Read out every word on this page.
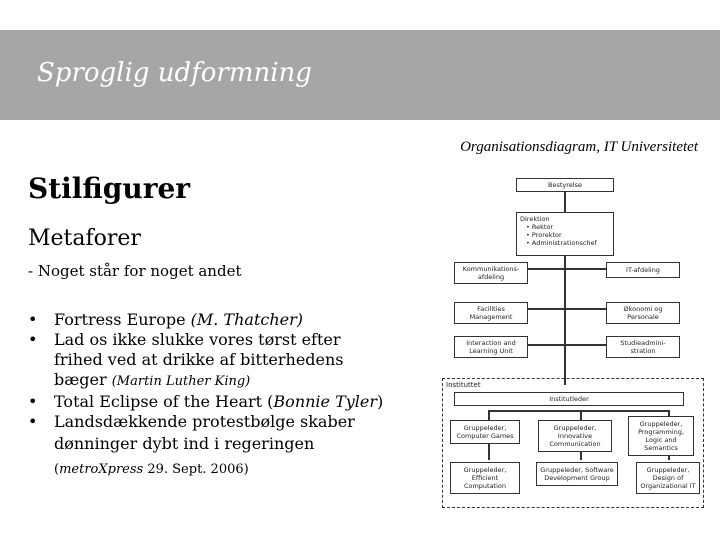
Sproglig udformning
Organisationsdiagram, IT Universitetet
Stilfigurer
Metaforer
- Noget står for noget andet
• Fortress Europe (M. Thatcher)
• Lad os ikke slukke vores tørst efter
frihed ved at drikke af bitterhedens
bæger (Martin Luther King)
• Total Eclipse of the Heart (Bonnie Tyler)
• Landsdækkende protestbølge skaber
dønninger dybt ind i regeringen
(metroXpress 29. Sept. 2006)
Bestyrelse
Direktion
• Rektor
• Prorektor
• Administrationschef
Kommunikations-
afdeling
IT-afdeling
Facilities
Management
Økonomi og
Personale
Interaction and
Learning Unit
Studieadmini-
stration
Instituttet
Institutleder
Gruppeleder,
Computer Games
Gruppeleder,
Innovative
Communication
Gruppeleder,
Programming,
Logic and
Semantics
Gruppeleder,
Efficient
Computation
Gruppeleder, Software
Development Group
Gruppeleder,
Design of
Organizational IT
